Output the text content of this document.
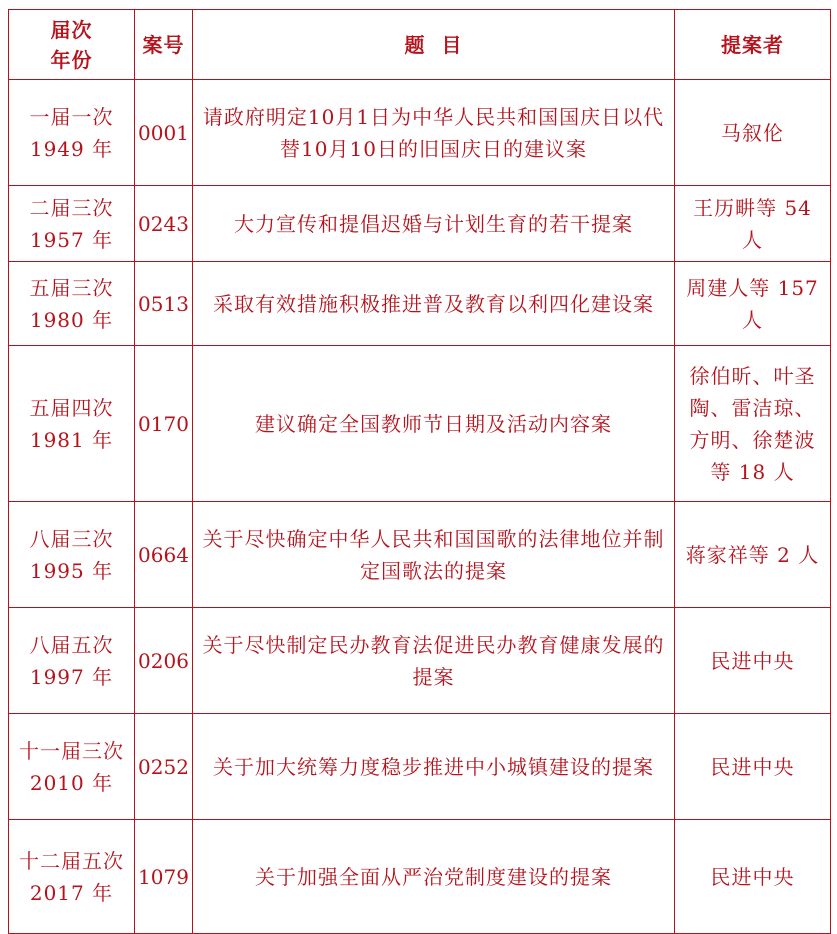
届次
年份	案号	题  目	提案者

一届一次
1949 年	0001	请政府明定10月1日为中华人民共和国国庆日以代替10月10日的旧国庆日的建议案	马叙伦

二届三次
1957 年	0243	大力宣传和提倡迟婚与计划生育的若干提案	王历畊等 54 人

五届三次
1980 年	0513	采取有效措施积极推进普及教育以利四化建设案	周建人等 157 人

五届四次
1981 年	0170	建议确定全国教师节日期及活动内容案	徐伯昕、叶圣陶、雷洁琼、方明、徐楚波等 18 人

八届三次
1995 年	0664	关于尽快确定中华人民共和国国歌的法律地位并制定国歌法的提案	蒋家祥等 2 人

八届五次
1997 年	0206	关于尽快制定民办教育法促进民办教育健康发展的提案	民进中央

十一届三次
2010 年	0252	关于加大统筹力度稳步推进中小城镇建设的提案	民进中央

十二届五次
2017 年	1079	关于加强全面从严治党制度建设的提案	民进中央
